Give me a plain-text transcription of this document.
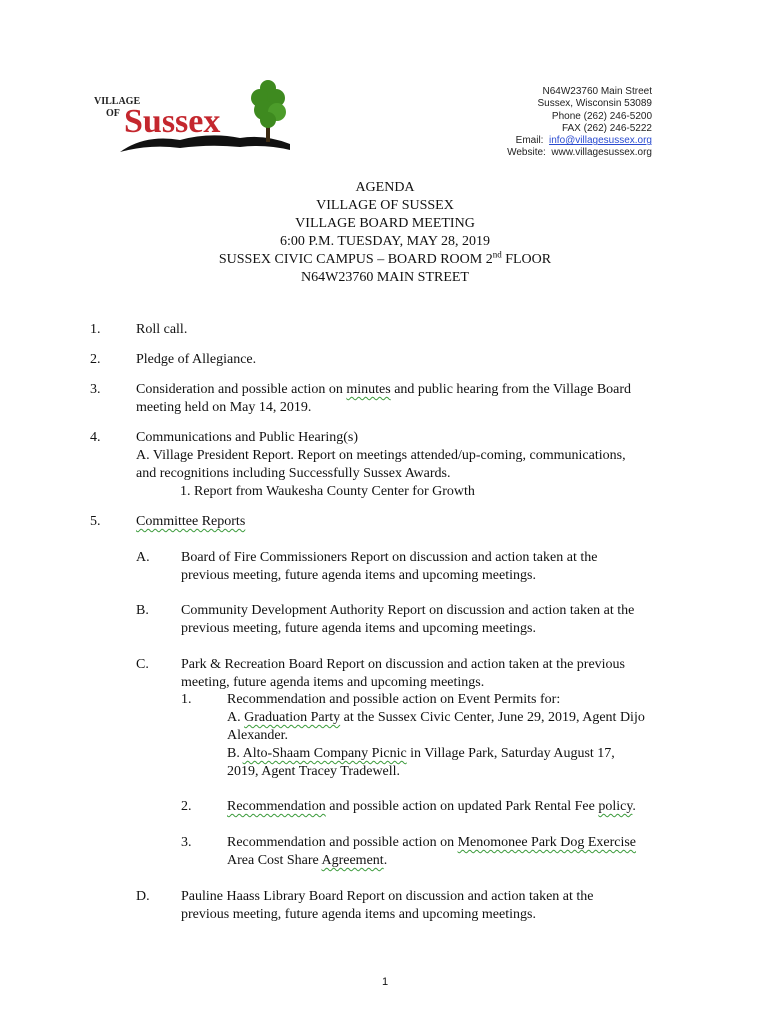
VILLAGE
OF Sussex
N64W23760 Main Street
Sussex, Wisconsin 53089
Phone (262) 246-5200
FAX (262) 246-5222
Email: info@villagesussex.org
Website: www.villagesussex.org
AGENDA
VILLAGE OF SUSSEX
VILLAGE BOARD MEETING
6:00 P.M. TUESDAY, MAY 28, 2019
SUSSEX CIVIC CAMPUS – BOARD ROOM 2nd FLOOR
N64W23760 MAIN STREET
1.	Roll call.
2.	Pledge of Allegiance.
3.	Consideration and possible action on minutes and public hearing from the Village Board
meeting held on May 14, 2019.
4.	Communications and Public Hearing(s)
A. Village President Report. Report on meetings attended/up-coming, communications,
and recognitions including Successfully Sussex Awards.
1. Report from Waukesha County Center for Growth
5.	Committee Reports
A. Board of Fire Commissioners Report on discussion and action taken at the
previous meeting, future agenda items and upcoming meetings.
B. Community Development Authority Report on discussion and action taken at the
previous meeting, future agenda items and upcoming meetings.
C. Park & Recreation Board Report on discussion and action taken at the previous
meeting, future agenda items and upcoming meetings.
1.	Recommendation and possible action on Event Permits for:
A. Graduation Party at the Sussex Civic Center, June 29, 2019, Agent Dijo
Alexander.
B. Alto-Shaam Company Picnic in Village Park, Saturday August 17,
2019, Agent Tracey Tradewell.
2.	Recommendation and possible action on updated Park Rental Fee policy.
3.	Recommendation and possible action on Menomonee Park Dog Exercise
Area Cost Share Agreement.
D. Pauline Haass Library Board Report on discussion and action taken at the
previous meeting, future agenda items and upcoming meetings.
1
